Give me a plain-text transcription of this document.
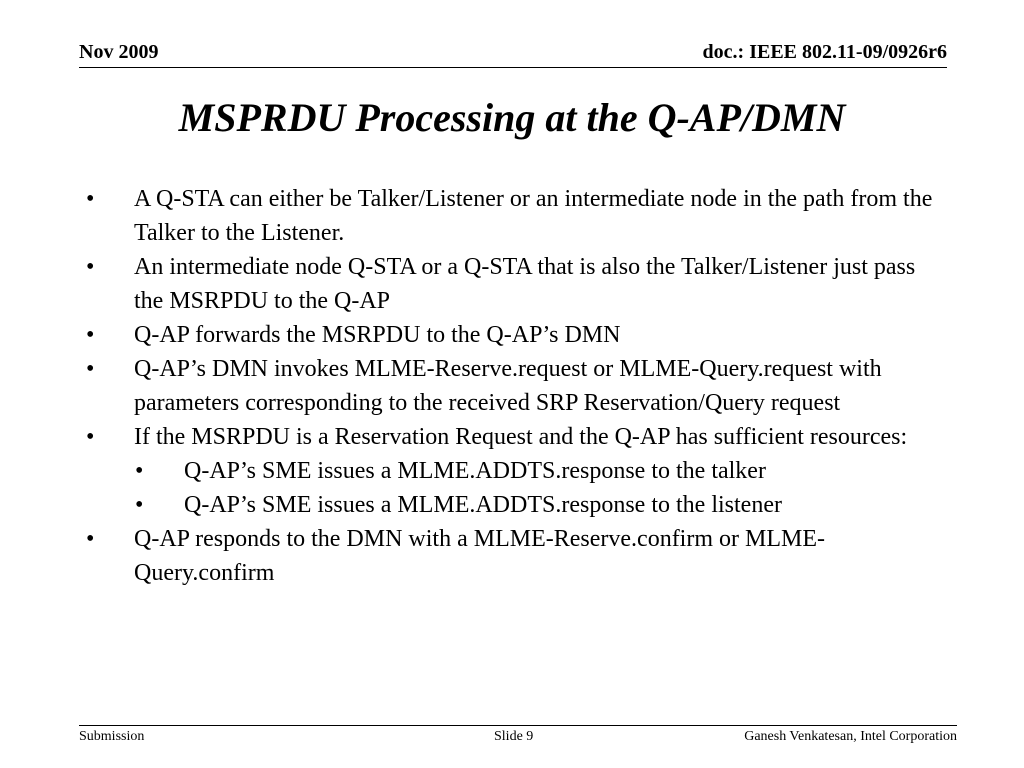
Nov 2009	doc.: IEEE 802.11-09/0926r6
MSPRDU Processing at the Q-AP/DMN
• A Q-STA can either be Talker/Listener or an intermediate node in the path from the Talker to the Listener.
• An intermediate node Q-STA or a Q-STA that is also the Talker/Listener just pass the MSRPDU to the Q-AP
• Q-AP forwards the MSRPDU to the Q-AP’s DMN
• Q-AP’s DMN invokes MLME-Reserve.request or MLME-Query.request with parameters corresponding to the received SRP Reservation/Query request
• If the MSRPDU is a Reservation Request and the Q-AP has sufficient resources:
• Q-AP’s SME issues a MLME.ADDTS.response to the talker
• Q-AP’s SME issues a MLME.ADDTS.response to the listener
• Q-AP responds to the DMN with a MLME-Reserve.confirm or MLME-Query.confirm
Submission	Slide 9	Ganesh Venkatesan, Intel Corporation
